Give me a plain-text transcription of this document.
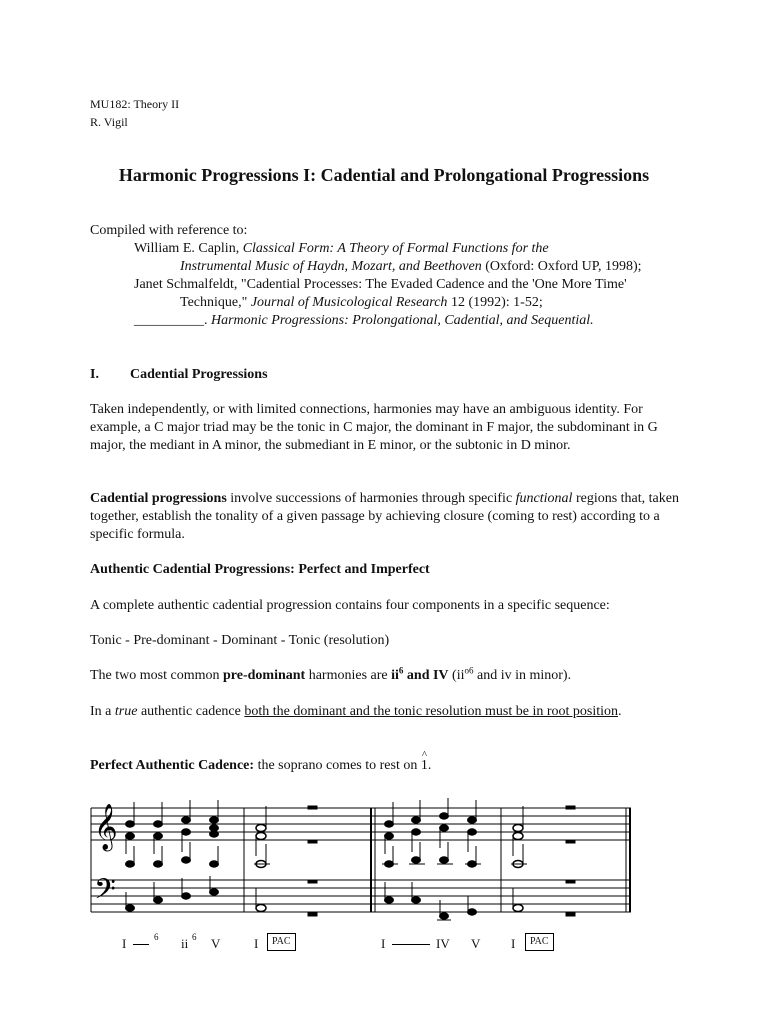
MU182: Theory II
R. Vigil
Harmonic Progressions I: Cadential and Prolongational Progressions
Compiled with reference to:
William E. Caplin, Classical Form: A Theory of Formal Functions for the
Instrumental Music of Haydn, Mozart, and Beethoven (Oxford: Oxford UP, 1998);
Janet Schmalfeldt, "Cadential Processes: The Evaded Cadence and the 'One More Time'
Technique," Journal of Musicological Research 12 (1992): 1-52;
__________. Harmonic Progressions: Prolongational, Cadential, and Sequential.
I. Cadential Progressions
Taken independently, or with limited connections, harmonies may have an ambiguous identity. For example, a C major triad may be the tonic in C major, the dominant in F major, the subdominant in G major, the mediant in A minor, the submediant in E minor, or the subtonic in D minor.
Cadential progressions involve successions of harmonies through specific functional regions that, taken together, establish the tonality of a given passage by achieving closure (coming to rest) according to a specific formula.
Authentic Cadential Progressions: Perfect and Imperfect
A complete authentic cadential progression contains four components in a specific sequence:
Tonic - Pre-dominant - Dominant - Tonic (resolution)
The two most common pre-dominant harmonies are $ii^6$ and IV ($ii^{o6}$ and iv in minor).
In a true authentic cadence both the dominant and the tonic resolution must be in root position.
Perfect Authentic Cadence: the soprano comes to rest on
^
1.
𝄞
𝄢
I	6 ii 6 V	I	PAC	I	IV V I	PAC
